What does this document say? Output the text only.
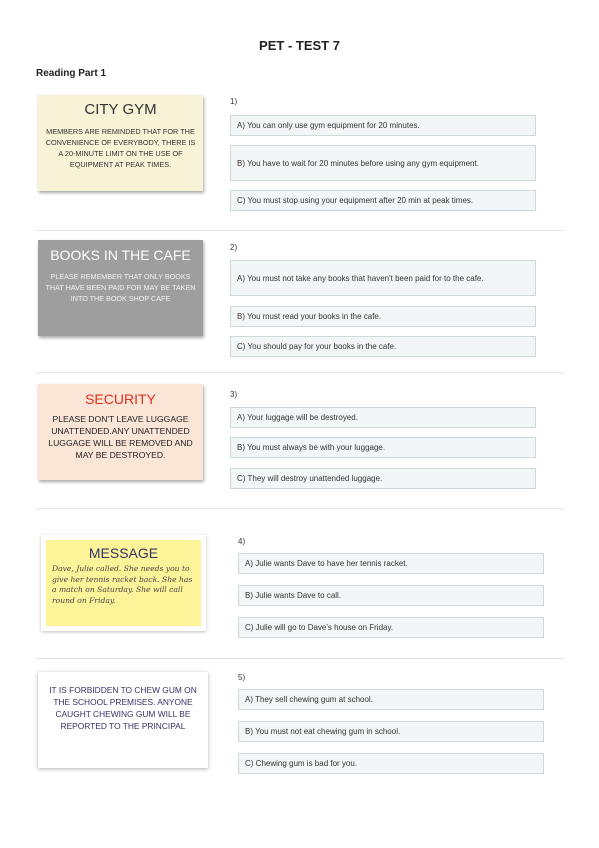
PET - TEST 7
Reading Part 1
CITY GYM
MEMBERS ARE REMINDED THAT FOR THE CONVENIENCE OF EVERYBODY, THERE IS A 20-MINUTE LIMIT ON THE USE OF EQUIPMENT AT PEAK TIMES.
1)
A) You can only use gym equipment for 20 minutes.
B) You have to wait for 20 minutes before using any gym equipment.
C) You must stop using your equipment after 20 min at peak times.
BOOKS IN THE CAFE
PLEASE REMEMBER THAT ONLY BOOKS THAT HAVE BEEN PAID FOR MAY BE TAKEN INTO THE BOOK SHOP CAFE
2)
A) You must not take any books that haven't been paid for to the cafe.
B) You must read your books in the cafe.
C) You should pay for your books in the cafe.
SECURITY
PLEASE DON'T LEAVE LUGGAGE UNATTENDED.ANY UNATTENDED LUGGAGE WILL BE REMOVED AND MAY BE DESTROYED.
3)
A) Your luggage will be destroyed.
B) You must always be with your luggage.
C) They will destroy unattended luggage.
MESSAGE
Dave, Julie called. She needs you to give her tennis racket back. She has a match on Saturday. She will call round on Friday.
4)
A) Julie wants Dave to have her tennis racket.
B) Julie wants Dave to call.
C) Julie will go to Dave's house on Friday.
IT IS FORBIDDEN TO CHEW GUM ON THE SCHOOL PREMISES. ANYONE CAUGHT CHEWING GUM WILL BE REPORTED TO THE PRINCIPAL
5)
A) They sell chewing gum at school.
B) You must not eat chewing gum in school.
C) Chewing gum is bad for you.
